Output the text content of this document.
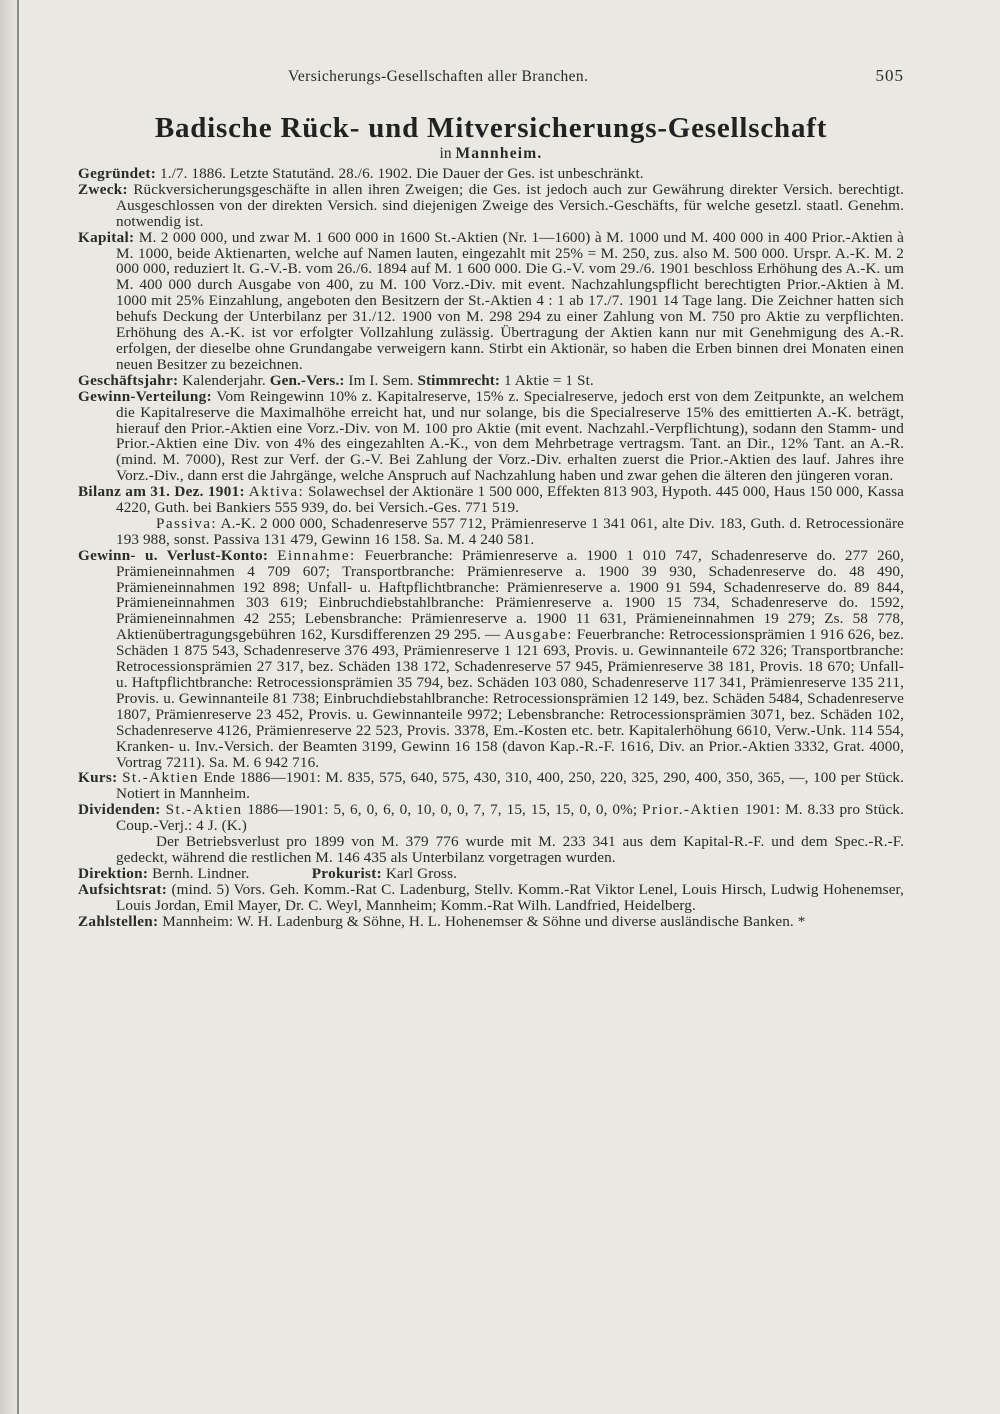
Versicherungs-Gesellschaften aller Branchen.	505
Badische Rück- und Mitversicherungs-Gesellschaft
in Mannheim.

Gegründet: 1./7. 1886. Letzte Statutänd. 28./6. 1902. Die Dauer der Ges. ist unbeschränkt.

Zweck: Rückversicherungsgeschäfte in allen ihren Zweigen; die Ges. ist jedoch auch zur Gewährung direkter Versich. berechtigt. Ausgeschlossen von der direkten Versich. sind diejenigen Zweige des Versich.-Geschäfts, für welche gesetzl. staatl. Genehm. notwendig ist.

Kapital: M. 2 000 000, und zwar M. 1 600 000 in 1600 St.-Aktien (Nr. 1—1600) à M. 1000 und M. 400 000 in 400 Prior.-Aktien à M. 1000, beide Aktienarten, welche auf Namen lauten, eingezahlt mit 25% = M. 250, zus. also M. 500 000. Urspr. A.-K. M. 2 000 000, reduziert lt. G.-V.-B. vom 26./6. 1894 auf M. 1 600 000. Die G.-V. vom 29./6. 1901 beschloss Erhöhung des A.-K. um M. 400 000 durch Ausgabe von 400, zu M. 100 Vorz.-Div. mit event. Nachzahlungspflicht berechtigten Prior.-Aktien à M. 1000 mit 25% Einzahlung, angeboten den Besitzern der St.-Aktien 4 : 1 ab 17./7. 1901 14 Tage lang. Die Zeichner hatten sich behufs Deckung der Unterbilanz per 31./12. 1900 von M. 298 294 zu einer Zahlung von M. 750 pro Aktie zu verpflichten. Erhöhung des A.-K. ist vor erfolgter Vollzahlung zulässig. Übertragung der Aktien kann nur mit Genehmigung des A.-R. erfolgen, der dieselbe ohne Grundangabe verweigern kann. Stirbt ein Aktionär, so haben die Erben binnen drei Monaten einen neuen Besitzer zu bezeichnen.

Geschäftsjahr: Kalenderjahr. Gen.-Vers.: Im I. Sem. Stimmrecht: 1 Aktie = 1 St.

Gewinn-Verteilung: Vom Reingewinn 10% z. Kapitalreserve, 15% z. Specialreserve, jedoch erst von dem Zeitpunkte, an welchem die Kapitalreserve die Maximalhöhe erreicht hat, und nur solange, bis die Specialreserve 15% des emittierten A.-K. beträgt, hierauf den Prior.-Aktien eine Vorz.-Div. von M. 100 pro Aktie (mit event. Nachzahl.-Verpflichtung), sodann den Stamm- und Prior.-Aktien eine Div. von 4% des eingezahlten A.-K., von dem Mehrbetrage vertragsm. Tant. an Dir., 12% Tant. an A.-R. (mind. M. 7000), Rest zur Verf. der G.-V. Bei Zahlung der Vorz.-Div. erhalten zuerst die Prior.-Aktien des lauf. Jahres ihre Vorz.-Div., dann erst die Jahrgänge, welche Anspruch auf Nachzahlung haben und zwar gehen die älteren den jüngeren voran.

Bilanz am 31. Dez. 1901: Aktiva: Solawechsel der Aktionäre 1 500 000, Effekten 813 903, Hypoth. 445 000, Haus 150 000, Kassa 4220, Guth. bei Bankiers 555 939, do. bei Versich.-Ges. 771 519.

Passiva: A.-K. 2 000 000, Schadenreserve 557 712, Prämienreserve 1 341 061, alte Div. 183, Guth. d. Retrocessionäre 193 988, sonst. Passiva 131 479, Gewinn 16 158. Sa. M. 4 240 581.

Gewinn- u. Verlust-Konto: Einnahme: Feuerbranche: Prämienreserve a. 1900 1 010 747, Schadenreserve do. 277 260, Prämieneinnahmen 4 709 607; Transportbranche: Prämienreserve a. 1900 39 930, Schadenreserve do. 48 490, Prämieneinnahmen 192 898; Unfall- u. Haftpflichtbranche: Prämienreserve a. 1900 91 594, Schadenreserve do. 89 844, Prämieneinnahmen 303 619; Einbruchdiebstahlbranche: Prämienreserve a. 1900 15 734, Schadenreserve do. 1592, Prämieneinnahmen 42 255; Lebensbranche: Prämienreserve a. 1900 11 631, Prämieneinnahmen 19 279; Zs. 58 778, Aktienübertragungsgebühren 162, Kursdifferenzen 29 295. — Ausgabe: Feuerbranche: Retrocessionsprämien 1 916 626, bez. Schäden 1 875 543, Schadenreserve 376 493, Prämienreserve 1 121 693, Provis. u. Gewinnanteile 672 326; Transportbranche: Retrocessionsprämien 27 317, bez. Schäden 138 172, Schadenreserve 57 945, Prämienreserve 38 181, Provis. 18 670; Unfall- u. Haftpflichtbranche: Retrocessionsprämien 35 794, bez. Schäden 103 080, Schadenreserve 117 341, Prämienreserve 135 211, Provis. u. Gewinnanteile 81 738; Einbruchdiebstahlbranche: Retrocessionsprämien 12 149, bez. Schäden 5484, Schadenreserve 1807, Prämienreserve 23 452, Provis. u. Gewinnanteile 9972; Lebensbranche: Retrocessionsprämien 3071, bez. Schäden 102, Schadenreserve 4126, Prämienreserve 22 523, Provis. 3378, Em.-Kosten etc. betr. Kapitalerhöhung 6610, Verw.-Unk. 114 554, Kranken- u. Inv.-Versich. der Beamten 3199, Gewinn 16 158 (davon Kap.-R.-F. 1616, Div. an Prior.-Aktien 3332, Grat. 4000, Vortrag 7211). Sa. M. 6 942 716.

Kurs: St.-Aktien Ende 1886—1901: M. 835, 575, 640, 575, 430, 310, 400, 250, 220, 325, 290, 400, 350, 365, —, 100 per Stück. Notiert in Mannheim.

Dividenden: St.-Aktien 1886—1901: 5, 6, 0, 6, 0, 10, 0, 0, 7, 7, 15, 15, 15, 0, 0, 0%; Prior.-Aktien 1901: M. 8.33 pro Stück. Coup.-Verj.: 4 J. (K.)

Der Betriebsverlust pro 1899 von M. 379 776 wurde mit M. 233 341 aus dem Kapital-R.-F. und dem Spec.-R.-F. gedeckt, während die restlichen M. 146 435 als Unterbilanz vorgetragen wurden.

Direktion: Bernh. Lindner.	Prokurist: Karl Gross.

Aufsichtsrat: (mind. 5) Vors. Geh. Komm.-Rat C. Ladenburg, Stellv. Komm.-Rat Viktor Lenel, Louis Hirsch, Ludwig Hohenemser, Louis Jordan, Emil Mayer, Dr. C. Weyl, Mannheim; Komm.-Rat Wilh. Landfried, Heidelberg.

Zahlstellen: Mannheim: W. H. Ladenburg & Söhne, H. L. Hohenemser & Söhne und diverse ausländische Banken. *
